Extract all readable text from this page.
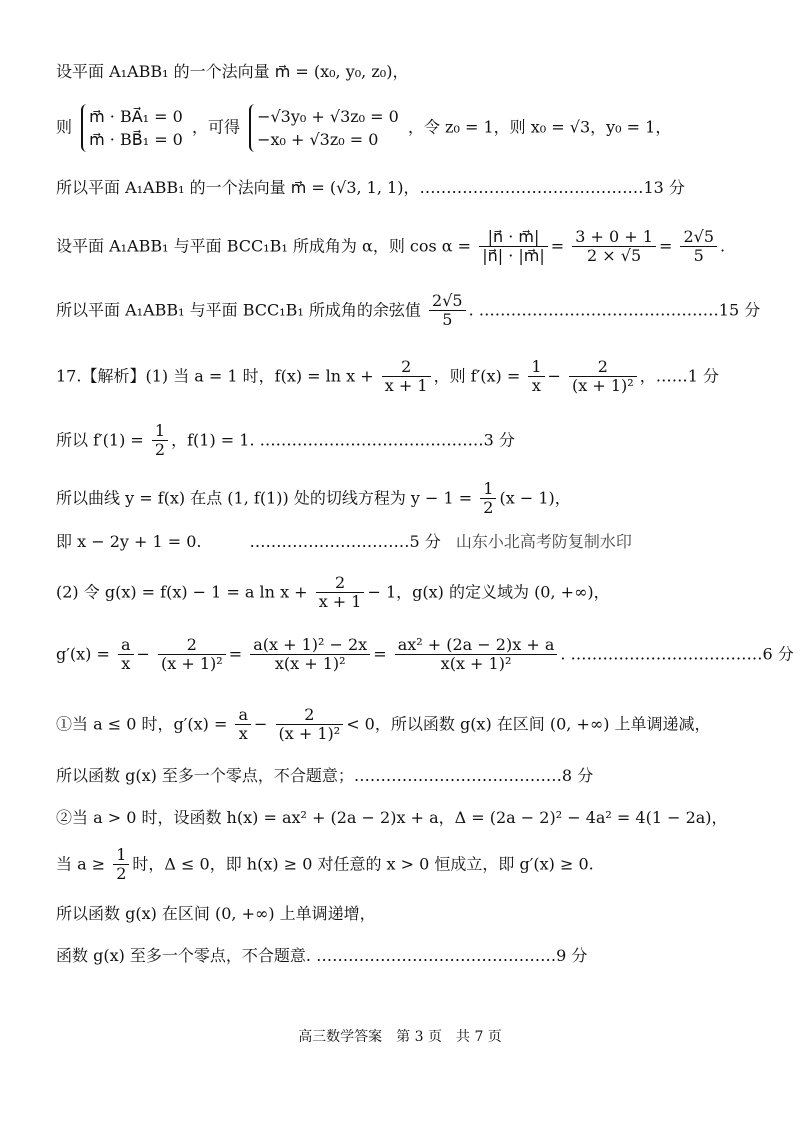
设平面 A₁ABB₁ 的一个法向量 m⃗ = (x₀, y₀, z₀)，
则
m⃗ · BA⃗₁ = 0
m⃗ · BB⃗₁ = 0
，可得
−√3y₀ + √3z₀ = 0
−x₀ + √3z₀ = 0
，令 z₀ = 1，则 x₀ = √3，y₀ = 1，
所以平面 A₁ABB₁ 的一个法向量 m⃗ = (√3, 1, 1)，……………………………………13 分
设平面 A₁ABB₁ 与平面 BCC₁B₁ 所成角为 α，则 $\cos \alpha = \frac{|n⃗ \cdot m⃗|}{|n⃗| \cdot |m⃗|} = \frac{3 + 0 + 1}{2 \times √5} = \frac{2√5}{5}$ .
所以平面 A₁ABB₁ 与平面 BCC₁B₁ 所成角的余弦值 $\frac{2√5}{5}$ . ………………………………………15 分
17.【解析】(1) 当 a = 1 时，$f(x) = \ln x + \frac{2}{x + 1}$ ，则 $f'(x) = \frac{1}{x} - \frac{2}{\text{(x + 1)²}}$ ，……1 分
所以 $f'(1) = \frac{1}{2}$ ，f(1) = 1. ……………………………………3 分
所以曲线 y = f(x) 在点 (1, f(1)) 处的切线方程为 $y - 1 = \frac{1}{2} (x - 1)$，
即 x − 2y + 1 = 0.　　　…………………………5 分 山东小北高考防复制水印
(2) 令 g(x) = f(x) − 1 = a $\ln x + \frac{2}{x + 1} - 1$，g(x) 的定义域为 (0, +∞)，
$g'(x) = \frac{a}{x} - \frac{2}{\text{(x + 1)²}} = \frac{\text{a(x + 1)² − 2x}}{\text{x(x + 1)²}} = \frac{\text{ax² + (2a − 2)x + a}}{\text{x(x + 1)²}}$ . ………………………………6 分
①当 a ≤ 0 时，$g'(x) = \frac{a}{x} - \frac{2}{\text{(x + 1)²}} < 0$，所以函数 g(x) 在区间 (0, +∞) 上单调递减，
所以函数 g(x) 至多一个零点，不合题意；…………………………………8 分
②当 a > 0 时，设函数 h(x) = ax² + (2a − 2)x + a，Δ = (2a − 2)² − 4a² = 4(1 − 2a)，
当 $a \ge \frac{1}{2}$ 时，Δ ≤ 0，即 h(x) ≥ 0 对任意的 x > 0 恒成立，即 g′(x) ≥ 0.
所以函数 g(x) 在区间 (0, +∞) 上单调递增，
函数 g(x) 至多一个零点，不合题意. ………………………………………9 分
高三数学答案　第 3 页　共 7 页
